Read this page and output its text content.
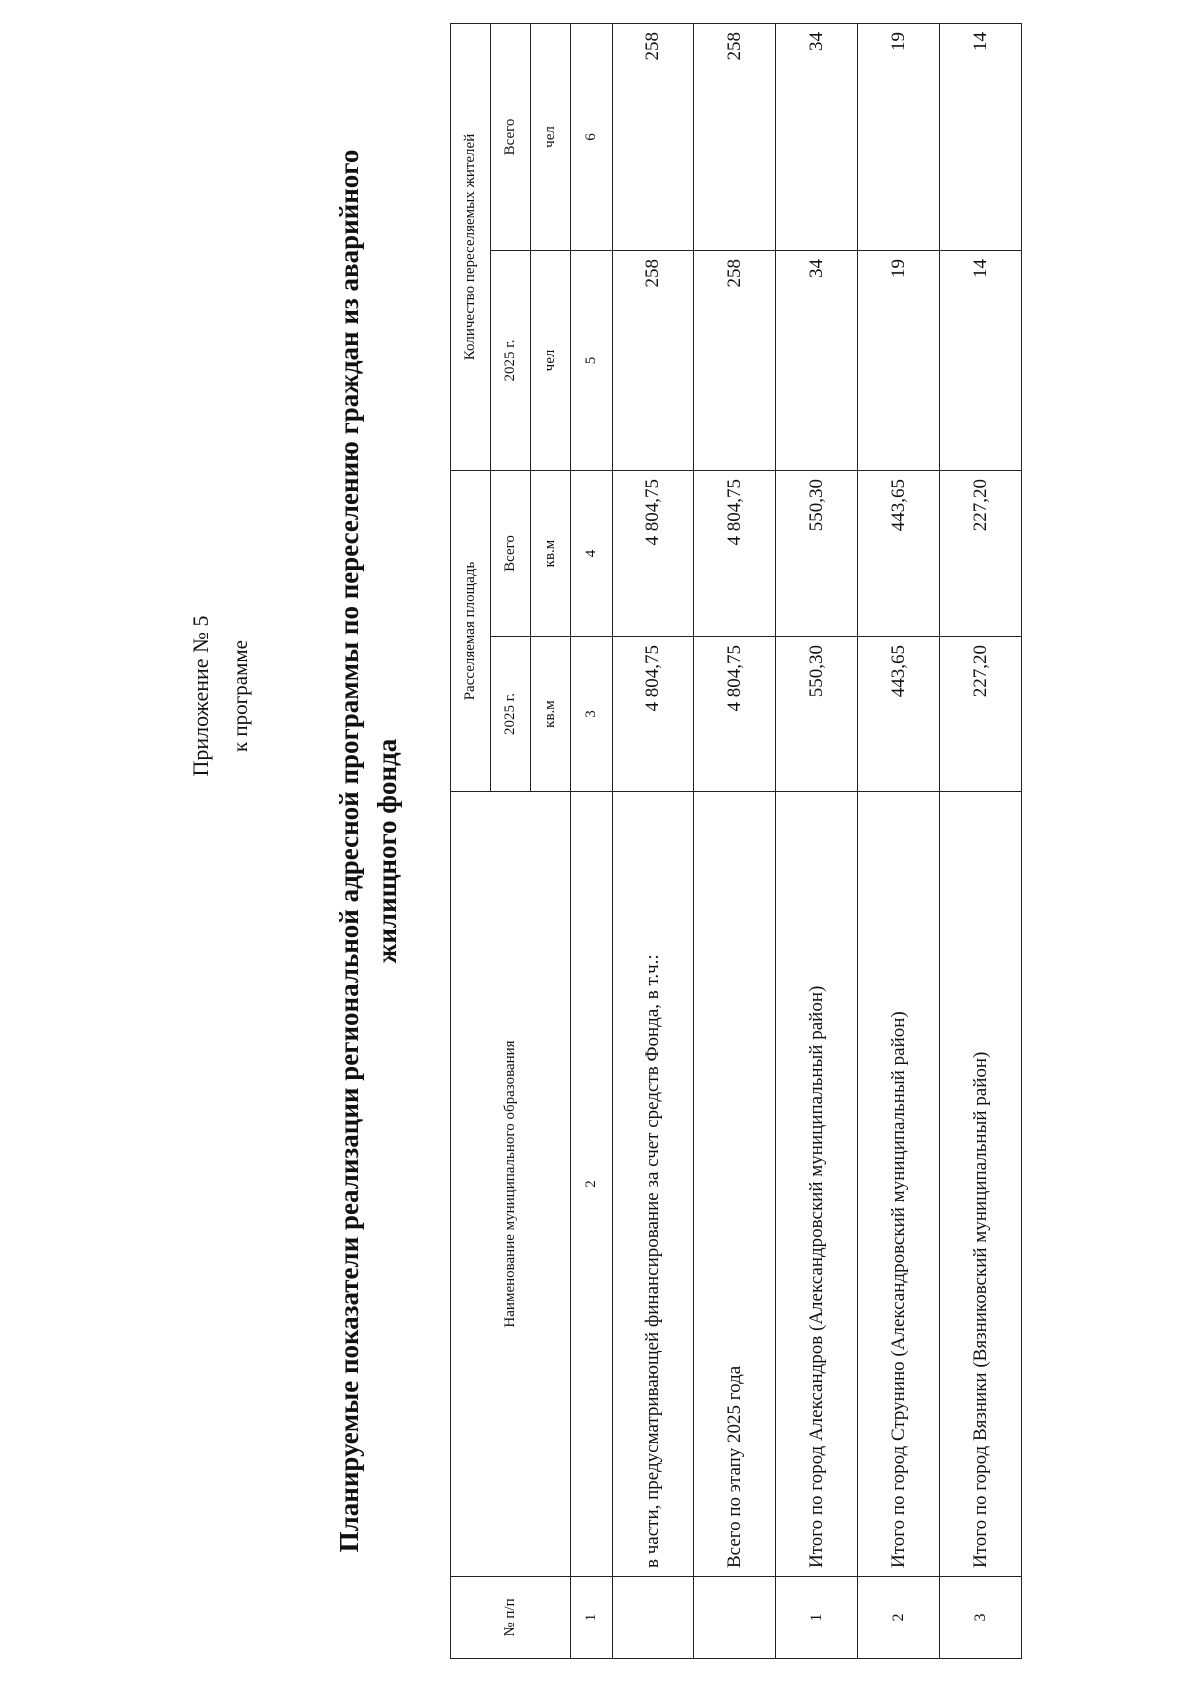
Приложение № 5 к программе	Планируемые показатели реализации региональной адресной программы по переселению граждан из аварийного жилищного фонда
№ п/п	Наименование муниципального образования	Расселяемая площадь		Количество переселяемых жителей	
		2025 г.	Всего	2025 г.	Всего
		кв.м	кв.м	чел	чел
1	2	3	4	5	6
	в части, предусматривающей финансирование за счет средств Фонда, в т.ч.:	4 804,75	4 804,75	258	258
	Всего по этапу 2025 года	4 804,75	4 804,75	258	258
1	Итого по город Александров (Александровский муниципальный район)	550,30	550,30	34	34
2	Итого по город Струнино (Александровский муниципальный район)	443,65	443,65	19	19
3	Итого по город Вязники (Вязниковский муниципальный район)	227,20	227,20	14	14
